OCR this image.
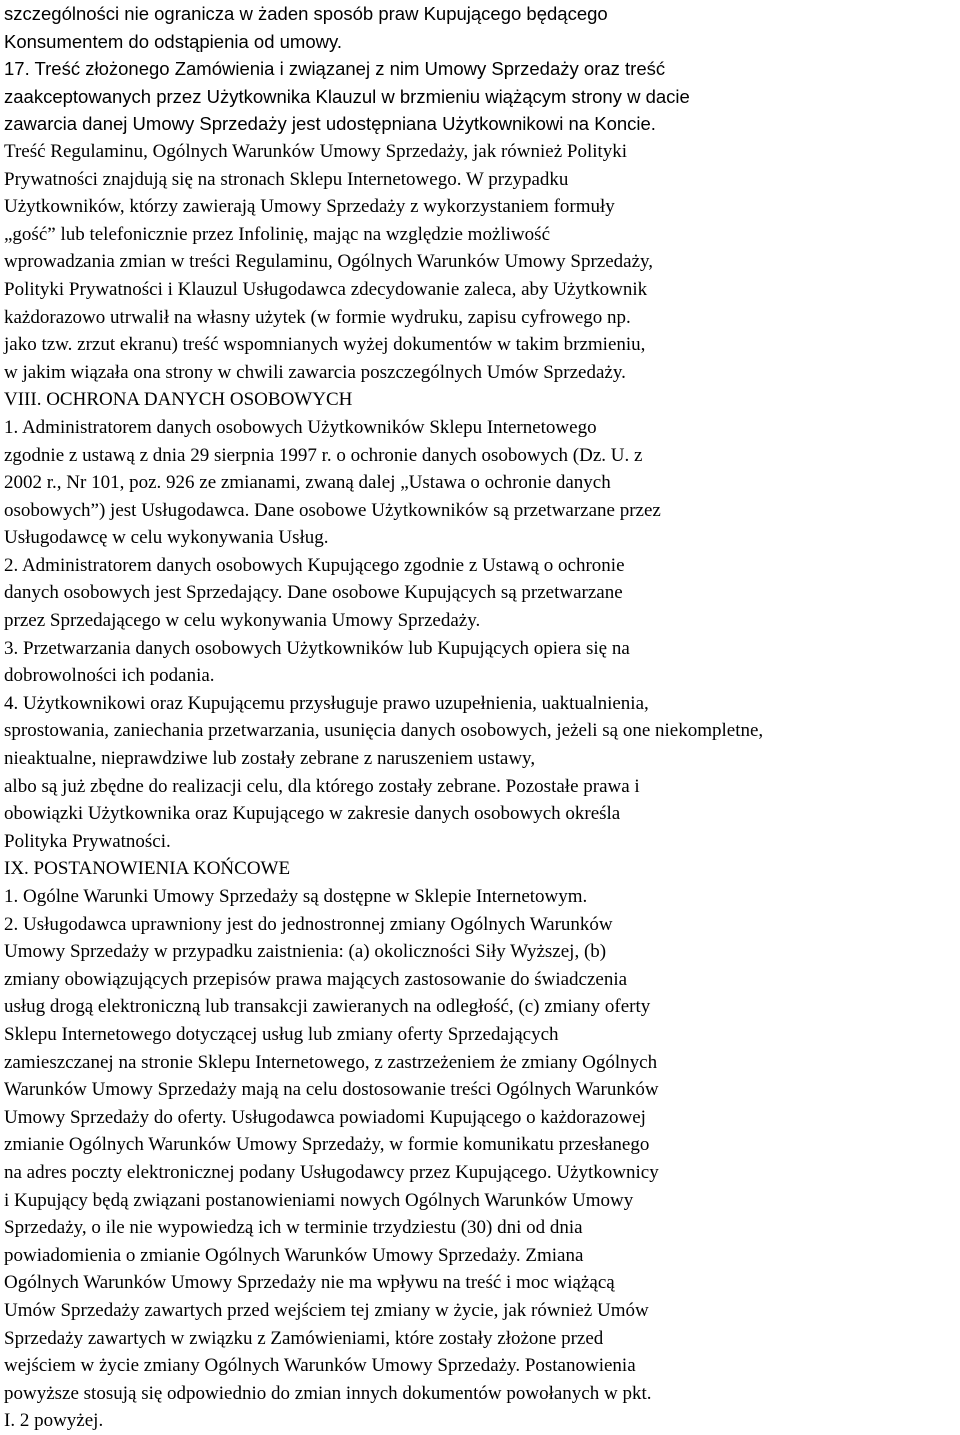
szczególności nie ogranicza w żaden sposób praw Kupującego będącego
Konsumentem do odstąpienia od umowy.
17. Treść złożonego Zamówienia i związanej z nim Umowy Sprzedaży oraz treść
zaakceptowanych przez Użytkownika Klauzul w brzmieniu wiążącym strony w dacie
zawarcia danej Umowy Sprzedaży jest udostępniana Użytkownikowi na Koncie.
Treść Regulaminu, Ogólnych Warunków Umowy Sprzedaży, jak również Polityki
Prywatności znajdują się na stronach Sklepu Internetowego. W przypadku
Użytkowników, którzy zawierają Umowy Sprzedaży z wykorzystaniem formuły
„gość” lub telefonicznie przez Infolinię, mając na względzie możliwość
wprowadzania zmian w treści Regulaminu, Ogólnych Warunków Umowy Sprzedaży,
Polityki Prywatności i Klauzul Usługodawca zdecydowanie zaleca, aby Użytkownik
każdorazowo utrwalił na własny użytek (w formie wydruku, zapisu cyfrowego np.
jako tzw. zrzut ekranu) treść wspomnianych wyżej dokumentów w takim brzmieniu,
w jakim wiązała ona strony w chwili zawarcia poszczególnych Umów Sprzedaży.
VIII. OCHRONA DANYCH OSOBOWYCH
1. Administratorem danych osobowych Użytkowników Sklepu Internetowego
zgodnie z ustawą z dnia 29 sierpnia 1997 r. o ochronie danych osobowych (Dz. U. z
2002 r., Nr 101, poz. 926 ze zmianami, zwaną dalej „Ustawa o ochronie danych
osobowych”) jest Usługodawca. Dane osobowe Użytkowników są przetwarzane przez
Usługodawcę w celu wykonywania Usług.
2. Administratorem danych osobowych Kupującego zgodnie z Ustawą o ochronie
danych osobowych jest Sprzedający. Dane osobowe Kupujących są przetwarzane
przez Sprzedającego w celu wykonywania Umowy Sprzedaży.
3. Przetwarzania danych osobowych Użytkowników lub Kupujących opiera się na
dobrowolności ich podania.
4. Użytkownikowi oraz Kupującemu przysługuje prawo uzupełnienia, uaktualnienia,
sprostowania, zaniechania przetwarzania, usunięcia danych osobowych, jeżeli są one niekompletne,
nieaktualne, nieprawdziwe lub zostały zebrane z naruszeniem ustawy,
albo są już zbędne do realizacji celu, dla którego zostały zebrane. Pozostałe prawa i
obowiązki Użytkownika oraz Kupującego w zakresie danych osobowych określa
Polityka Prywatności.
IX. POSTANOWIENIA KOŃCOWE
1. Ogólne Warunki Umowy Sprzedaży są dostępne w Sklepie Internetowym.
2. Usługodawca uprawniony jest do jednostronnej zmiany Ogólnych Warunków
Umowy Sprzedaży w przypadku zaistnienia: (a) okoliczności Siły Wyższej, (b)
zmiany obowiązujących przepisów prawa mających zastosowanie do świadczenia
usług drogą elektroniczną lub transakcji zawieranych na odległość, (c) zmiany oferty
Sklepu Internetowego dotyczącej usług lub zmiany oferty Sprzedających
zamieszczanej na stronie Sklepu Internetowego, z zastrzeżeniem że zmiany Ogólnych
Warunków Umowy Sprzedaży mają na celu dostosowanie treści Ogólnych Warunków
Umowy Sprzedaży do oferty. Usługodawca powiadomi Kupującego o każdorazowej
zmianie Ogólnych Warunków Umowy Sprzedaży, w formie komunikatu przesłanego
na adres poczty elektronicznej podany Usługodawcy przez Kupującego. Użytkownicy
i Kupujący będą związani postanowieniami nowych Ogólnych Warunków Umowy
Sprzedaży, o ile nie wypowiedzą ich w terminie trzydziestu (30) dni od dnia
powiadomienia o zmianie Ogólnych Warunków Umowy Sprzedaży. Zmiana
Ogólnych Warunków Umowy Sprzedaży nie ma wpływu na treść i moc wiążącą
Umów Sprzedaży zawartych przed wejściem tej zmiany w życie, jak również Umów
Sprzedaży zawartych w związku z Zamówieniami, które zostały złożone przed
wejściem w życie zmiany Ogólnych Warunków Umowy Sprzedaży. Postanowienia
powyższe stosują się odpowiednio do zmian innych dokumentów powołanych w pkt.
I. 2 powyżej.
